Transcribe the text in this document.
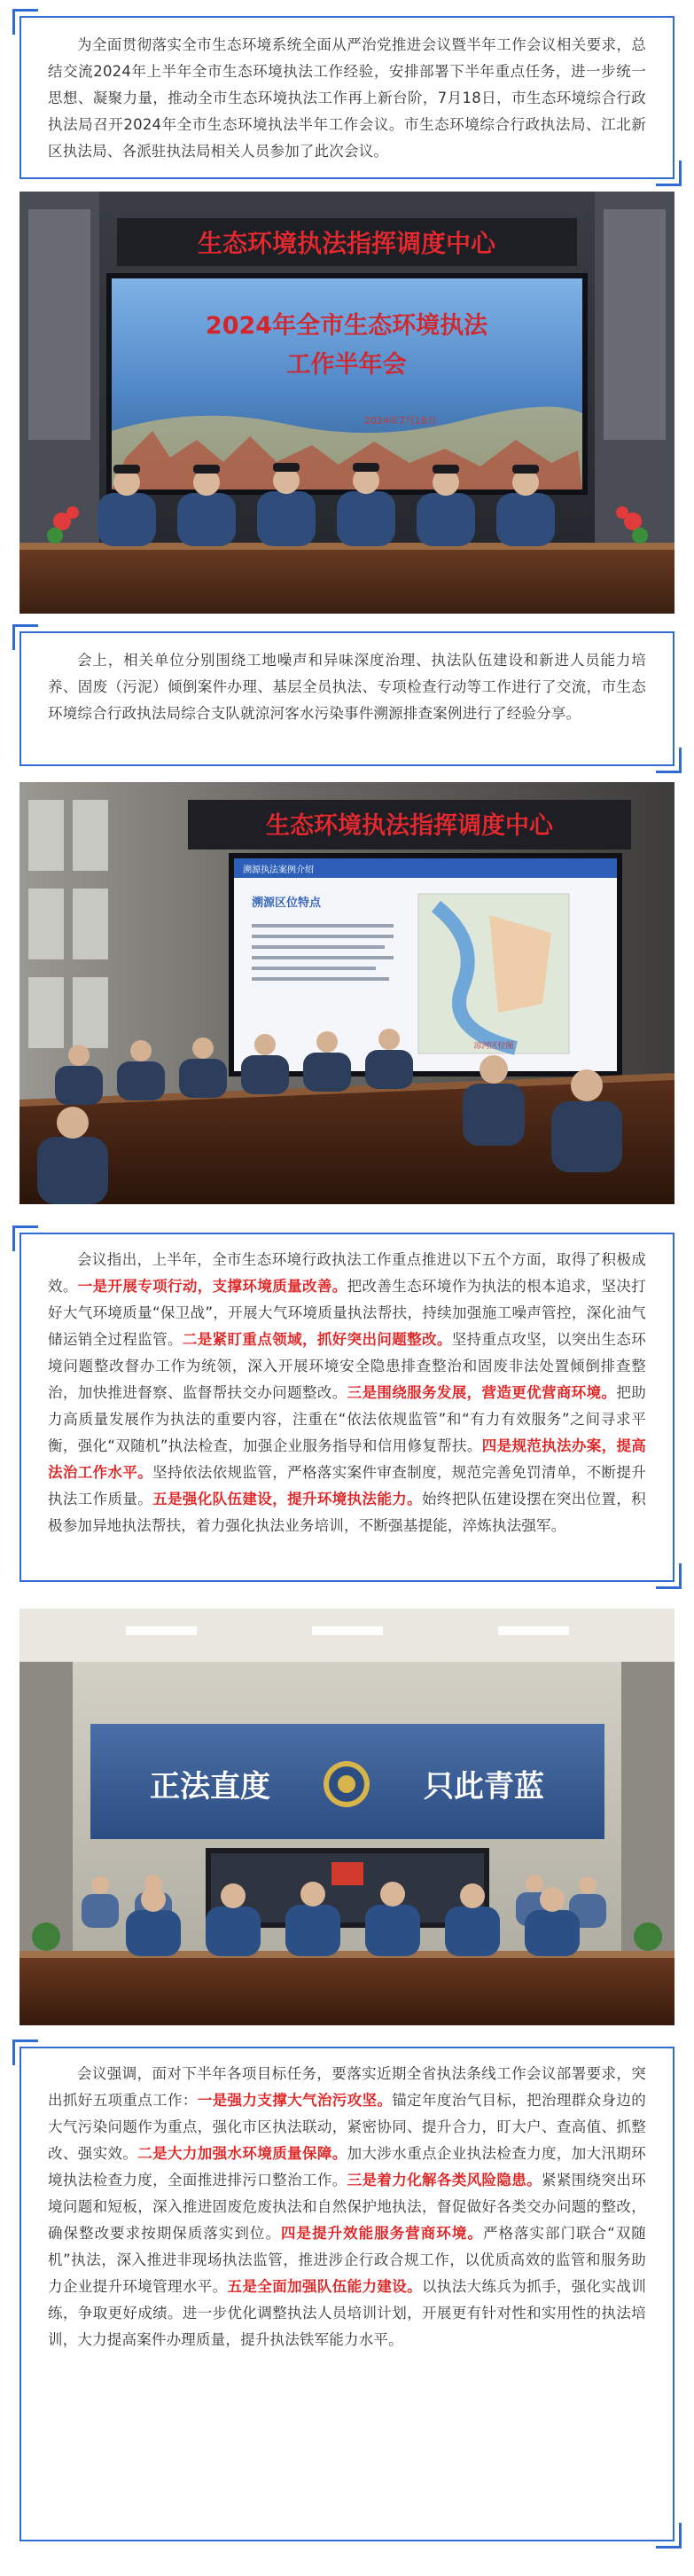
为全面贯彻落实全市生态环境系统全面从严治党推进会议暨半年工作会议相关要求，总结交流2024年上半年全市生态环境执法工作经验，安排部署下半年重点任务，进一步统一思想、凝聚力量，推动全市生态环境执法工作再上新台阶，7月18日，市生态环境综合行政执法局召开2024年全市生态环境执法半年工作会议。市生态环境综合行政执法局、江北新区执法局、各派驻执法局相关人员参加了此次会议。

生态环境执法指挥调度中心
2024年全市生态环境执法
工作半年会
2024年7月18日

会上，相关单位分别围绕工地噪声和异味深度治理、执法队伍建设和新进人员能力培养、固废（污泥）倾倒案件办理、基层全员执法、专项检查行动等工作进行了交流，市生态环境综合行政执法局综合支队就涼河客水污染事件溯源排查案例进行了经验分享。

生态环境执法指挥调度中心
溯源执法案例介绍
溯源区位特点
涼河区位图

会议指出，上半年，全市生态环境行政执法工作重点推进以下五个方面，取得了积极成效。一是开展专项行动，支撑环境质量改善。把改善生态环境作为执法的根本追求，坚决打好大气环境质量“保卫战”，开展大气环境质量执法帮扶，持续加强施工噪声管控，深化油气储运销全过程监管。二是紧盯重点领域，抓好突出问题整改。坚持重点攻坚，以突出生态环境问题整改督办工作为统领，深入开展环境安全隐患排查整治和固废非法处置倾倒排查整治，加快推进督察、监督帮扶交办问题整改。三是围绕服务发展，营造更优营商环境。把助力高质量发展作为执法的重要内容，注重在“依法依规监管”和“有力有效服务”之间寻求平衡，强化“双随机”执法检查，加强企业服务指导和信用修复帮扶。四是规范执法办案，提高法治工作水平。坚持依法依规监管，严格落实案件审查制度，规范完善免罚清单，不断提升执法工作质量。五是强化队伍建设，提升环境执法能力。始终把队伍建设摆在突出位置，积极参加异地执法帮扶，着力强化执法业务培训，不断强基提能，淬炼执法强军。

正法直度	只此青蓝

会议强调，面对下半年各项目标任务，要落实近期全省执法条线工作会议部署要求，突出抓好五项重点工作：一是强力支撑大气治污攻坚。锚定年度治气目标，把治理群众身边的大气污染问题作为重点，强化市区执法联动，紧密协同、提升合力，盯大户、查高值、抓整改、强实效。二是大力加强水环境质量保障。加大涉水重点企业执法检查力度，加大汛期环境执法检查力度，全面推进排污口整治工作。三是着力化解各类风险隐患。紧紧围绕突出环境问题和短板，深入推进固废危废执法和自然保护地执法，督促做好各类交办问题的整改，确保整改要求按期保质落实到位。四是提升效能服务营商环境。严格落实部门联合“双随机”执法，深入推进非现场执法监管，推进涉企行政合规工作，以优质高效的监管和服务助力企业提升环境管理水平。五是全面加强队伍能力建设。以执法大练兵为抓手，强化实战训练，争取更好成绩。进一步优化调整执法人员培训计划，开展更有针对性和实用性的执法培训，大力提高案件办理质量，提升执法铁军能力水平。
